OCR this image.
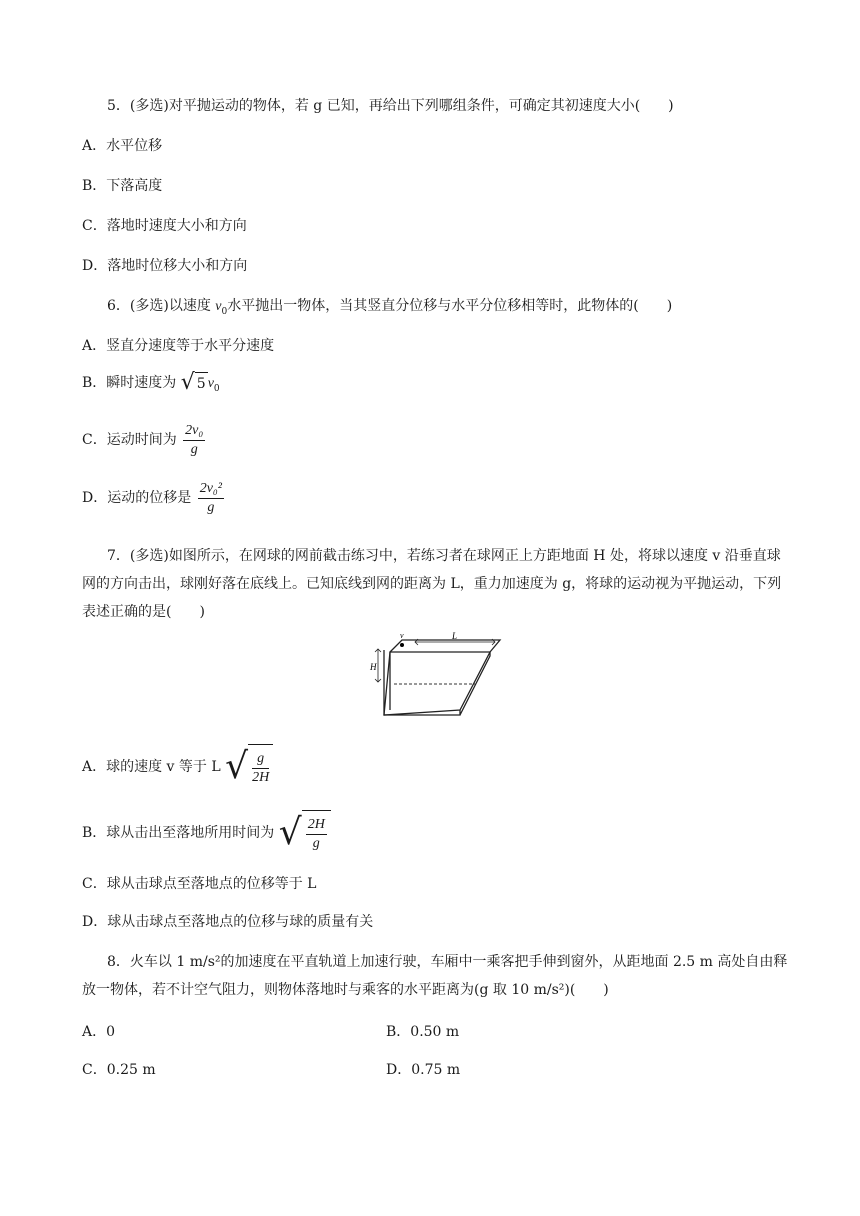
5．(多选)对平抛运动的物体，若 g 已知，再给出下列哪组条件，可确定其初速度大小(　　)
A．水平位移
B．下落高度
C．落地时速度大小和方向
D．落地时位移大小和方向
6．(多选)以速度 $v_0$水平抛出一物体，当其竖直分位移与水平分位移相等时，此物体的(　　)
A．竖直分速度等于水平分速度
B．瞬时速度为 √ 5 $v_0$
C．运动时间为 $\frac{\text{2v₀}}{g}$
D．运动的位移是 $\frac{\text{2v₀²}}{g}$
7．(多选)如图所示，在网球的网前截击练习中，若练习者在球网正上方距地面 H 处，将球以速度 v 沿垂直球
网的方向击出，球刚好落在底线上。已知底线到网的距离为 L，重力加速度为 g，将球的运动视为平抛运动，下列
表述正确的是(　　)
v
H
L
A．球的速度 v 等于 L √ $\frac{g}{2H}$
B．球从击出至落地所用时间为 √ $\frac{2H}{g}$
C．球从击球点至落地点的位移等于 L
D．球从击球点至落地点的位移与球的质量有关
8．火车以 1 m/s²的加速度在平直轨道上加速行驶，车厢中一乘客把手伸到窗外，从距地面 2.5 m 高处自由释
放一物体，若不计空气阻力，则物体落地时与乘客的水平距离为(g 取 10 m/s²)(　　)
A．0	B．0.50 m
C．0.25 m	D．0.75 m
